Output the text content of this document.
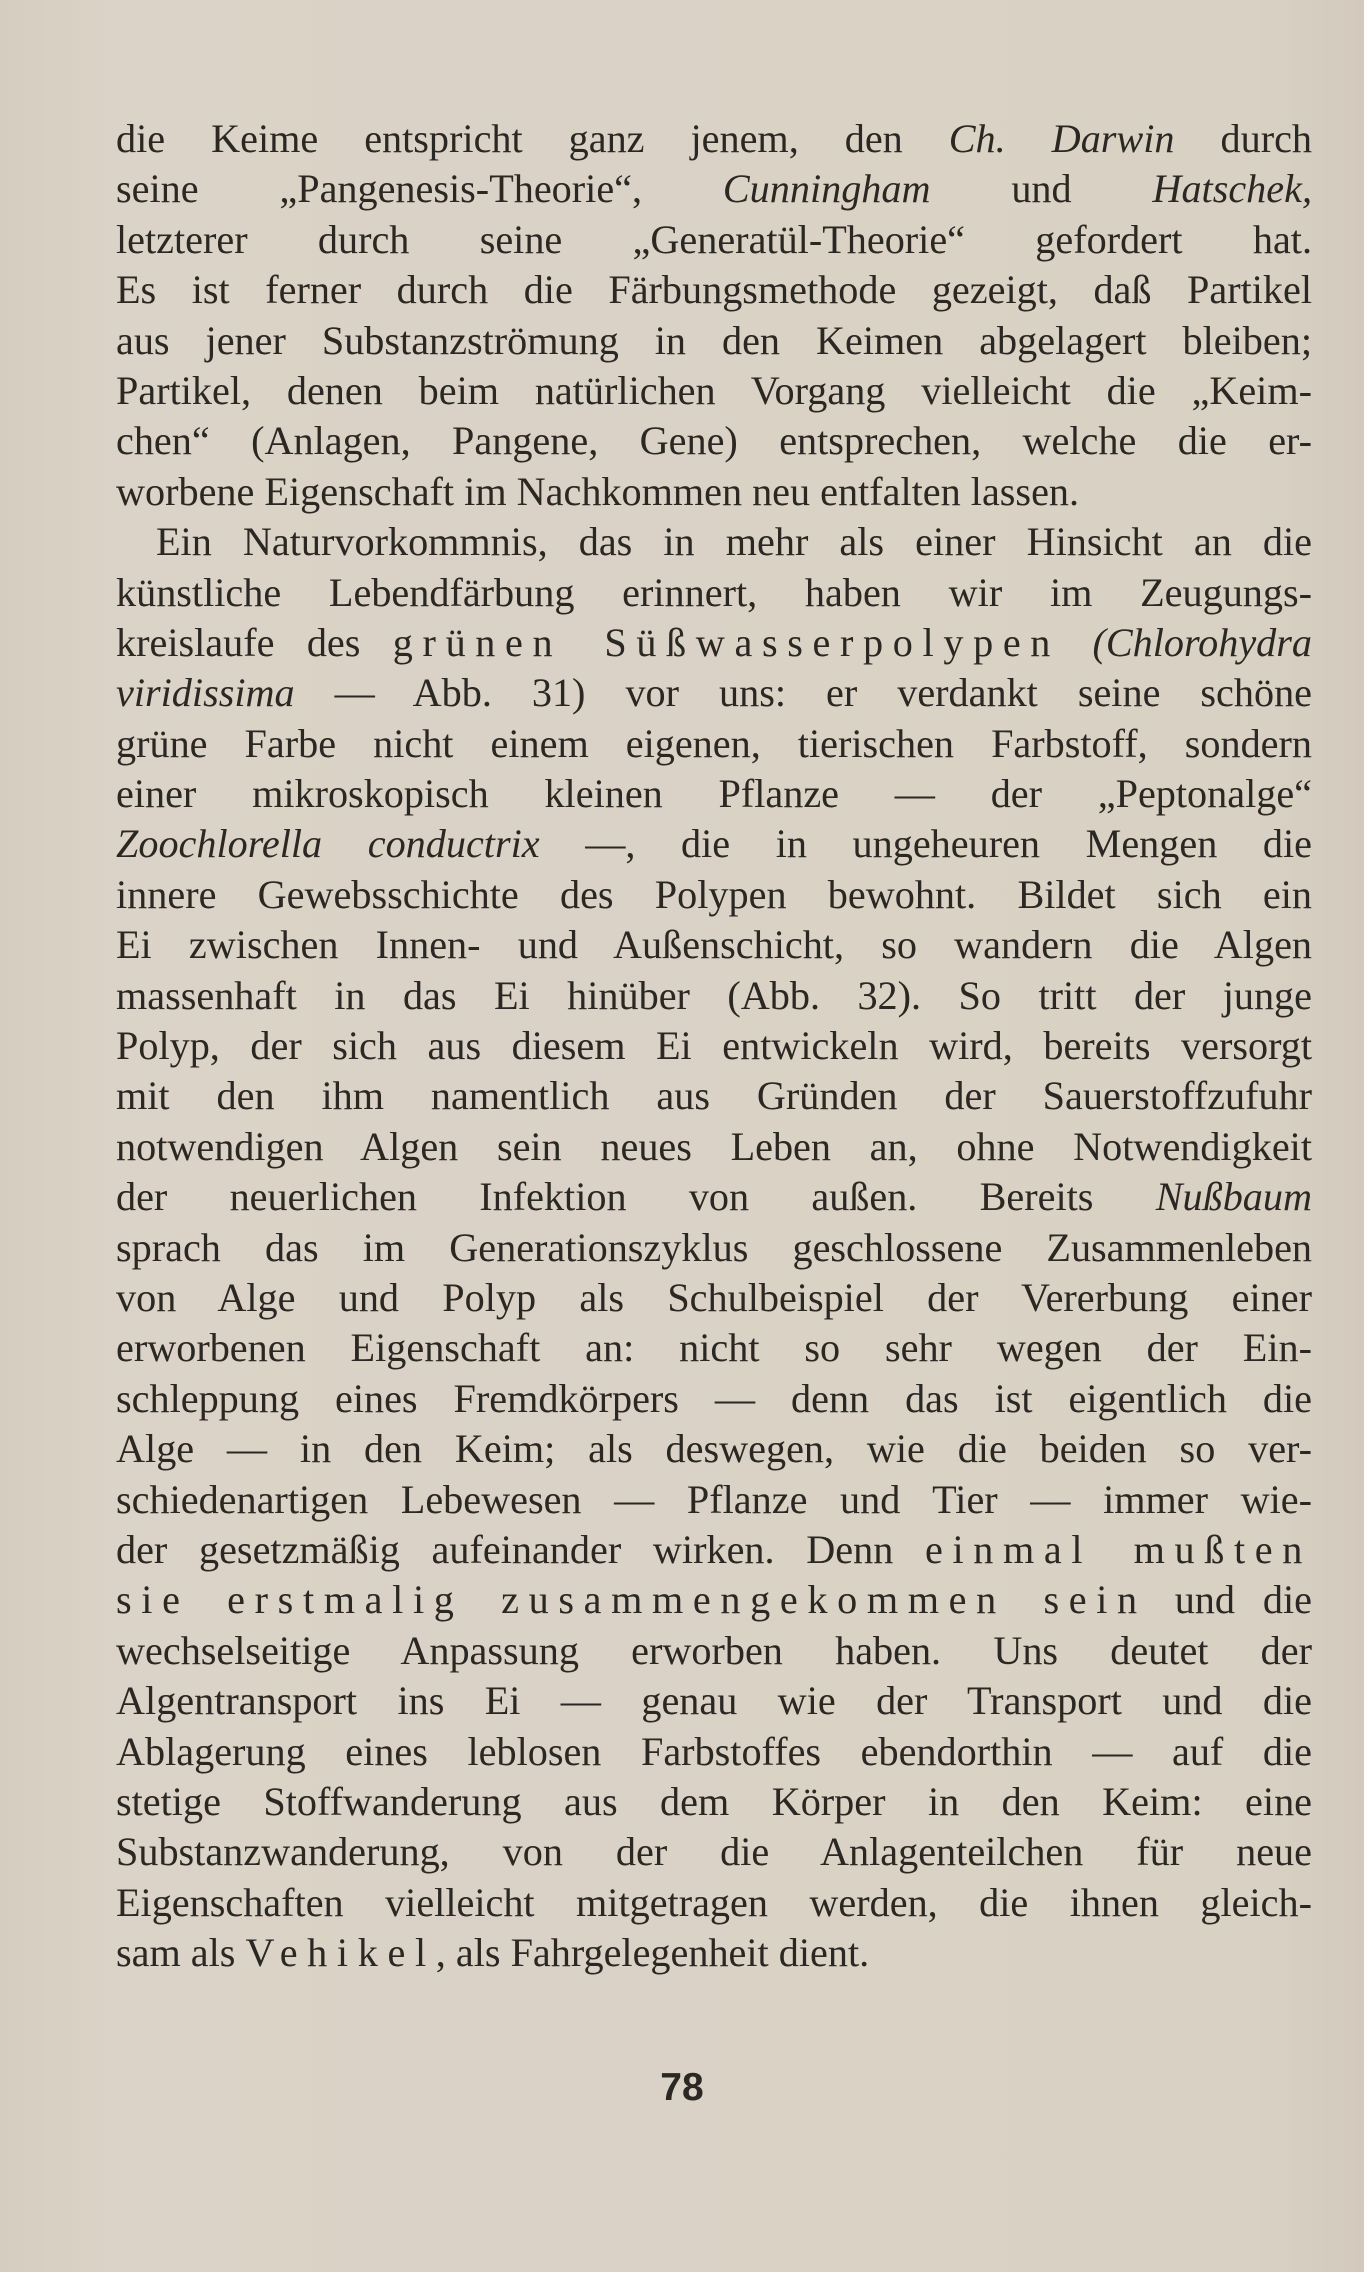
die Keime entspricht ganz jenem, den Ch. Darwin durch
seine „Pangenesis-Theorie“, Cunningham und Hatschek,
letzterer durch seine „Generatül-Theorie“ gefordert hat.
Es ist ferner durch die Färbungsmethode gezeigt, daß Partikel
aus jener Substanzströmung in den Keimen abgelagert bleiben;
Partikel, denen beim natürlichen Vorgang vielleicht die „Keim-
chen“ (Anlagen, Pangene, Gene) entsprechen, welche die er-
worbene Eigenschaft im Nachkommen neu entfalten lassen.
Ein Naturvorkommnis, das in mehr als einer Hinsicht an die
künstliche Lebendfärbung erinnert, haben wir im Zeugungs-
kreislaufe des grünen Süßwasserpolypen (Chlorohydra
viridissima — Abb. 31) vor uns: er verdankt seine schöne
grüne Farbe nicht einem eigenen, tierischen Farbstoff, sondern
einer mikroskopisch kleinen Pflanze — der „Peptonalge“
Zoochlorella conductrix —, die in ungeheuren Mengen die
innere Gewebsschichte des Polypen bewohnt. Bildet sich ein
Ei zwischen Innen- und Außenschicht, so wandern die Algen
massenhaft in das Ei hinüber (Abb. 32). So tritt der junge
Polyp, der sich aus diesem Ei entwickeln wird, bereits versorgt
mit den ihm namentlich aus Gründen der Sauerstoffzufuhr
notwendigen Algen sein neues Leben an, ohne Notwendigkeit
der neuerlichen Infektion von außen. Bereits Nußbaum
sprach das im Generationszyklus geschlossene Zusammenleben
von Alge und Polyp als Schulbeispiel der Vererbung einer
erworbenen Eigenschaft an: nicht so sehr wegen der Ein-
schleppung eines Fremdkörpers — denn das ist eigentlich die
Alge — in den Keim; als deswegen, wie die beiden so ver-
schiedenartigen Lebewesen — Pflanze und Tier — immer wie-
der gesetzmäßig aufeinander wirken. Denn einmal mußten
sie erstmalig zusammengekommen sein und die
wechselseitige Anpassung erworben haben. Uns deutet der
Algentransport ins Ei — genau wie der Transport und die
Ablagerung eines leblosen Farbstoffes ebendorthin — auf die
stetige Stoffwanderung aus dem Körper in den Keim: eine
Substanzwanderung, von der die Anlagenteilchen für neue
Eigenschaften vielleicht mitgetragen werden, die ihnen gleich-
sam als Vehikel, als Fahrgelegenheit dient.
78
